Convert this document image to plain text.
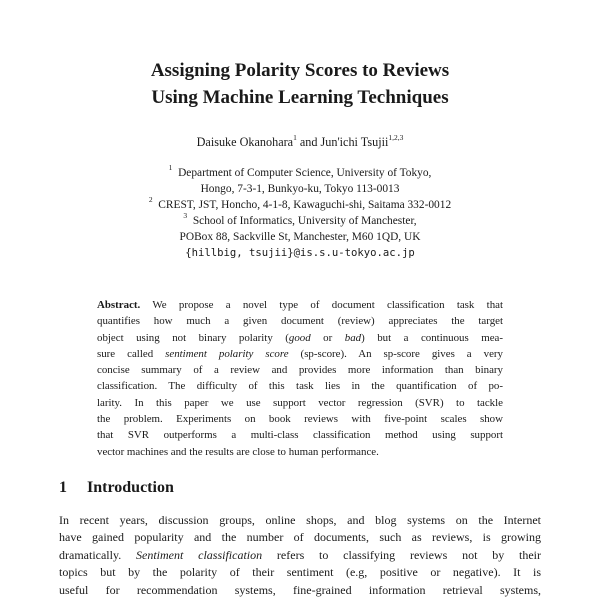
Assigning Polarity Scores to Reviews
Using Machine Learning Techniques
Daisuke Okanohara$^1$ and Jun'ichi Tsujii$^{1,2,3}$
$^1$ Department of Computer Science, University of Tokyo,
Hongo, 7-3-1, Bunkyo-ku, Tokyo 113-0013
$^2$ CREST, JST, Honcho, 4-1-8, Kawaguchi-shi, Saitama 332-0012
$^3$ School of Informatics, University of Manchester,
POBox 88, Sackville St, Manchester, M60 1QD, UK
{hillbig, tsujii}@is.s.u-tokyo.ac.jp
Abstract. We propose a novel type of document classification task that
quantifies how much a given document (review) appreciates the target
object using not binary polarity (good or bad) but a continuous mea-
sure called sentiment polarity score (sp-score). An sp-score gives a very
concise summary of a review and provides more information than binary
classification. The difficulty of this task lies in the quantification of po-
larity. In this paper we use support vector regression (SVR) to tackle
the problem. Experiments on book reviews with five-point scales show
that SVR outperforms a multi-class classification method using support
vector machines and the results are close to human performance.
1 Introduction
In recent years, discussion groups, online shops, and blog systems on the Internet
have gained popularity and the number of documents, such as reviews, is growing
dramatically. Sentiment classification refers to classifying reviews not by their
topics but by the polarity of their sentiment (e.g, positive or negative). It is
useful for recommendation systems, fine-grained information retrieval systems,
